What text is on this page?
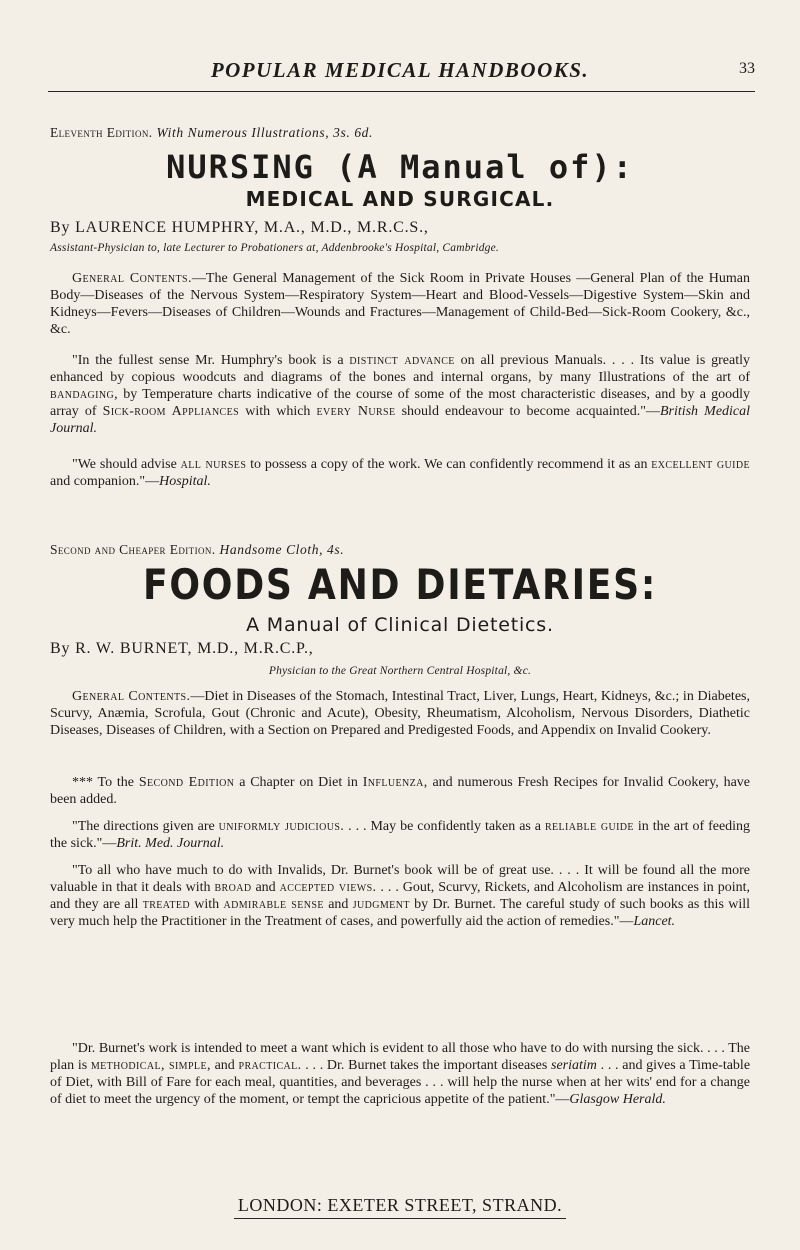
POPULAR MEDICAL HANDBOOKS.	33
Eleventh Edition. With Numerous Illustrations, 3s. 6d.
NURSING (A Manual of):
MEDICAL AND SURGICAL.
By LAURENCE HUMPHRY, M.A., M.D., M.R.C.S.,
Assistant-Physician to, late Lecturer to Probationers at, Addenbrooke's Hospital, Cambridge.
General Contents.—The General Management of the Sick Room in Private Houses —General Plan of the Human Body—Diseases of the Nervous System—Respiratory System—Heart and Blood-Vessels—Digestive System—Skin and Kidneys—Fevers—Diseases of Children—Wounds and Fractures—Management of Child-Bed—Sick-Room Cookery, &c., &c.
"In the fullest sense Mr. Humphry's book is a distinct advance on all previous Manuals. . . . Its value is greatly enhanced by copious woodcuts and diagrams of the bones and internal organs, by many Illustrations of the art of bandaging, by Temperature charts indicative of the course of some of the most characteristic diseases, and by a goodly array of Sick-room Appliances with which every Nurse should endeavour to become acquainted."—British Medical Journal.
"We should advise all nurses to possess a copy of the work. We can confidently recommend it as an excellent guide and companion."—Hospital.
Second and Cheaper Edition. Handsome Cloth, 4s.
FOODS AND DIETARIES:
A Manual of Clinical Dietetics.
By R. W. BURNET, M.D., M.R.C.P.,
Physician to the Great Northern Central Hospital, &c.
General Contents.—Diet in Diseases of the Stomach, Intestinal Tract, Liver, Lungs, Heart, Kidneys, &c.; in Diabetes, Scurvy, Anæmia, Scrofula, Gout (Chronic and Acute), Obesity, Rheumatism, Alcoholism, Nervous Disorders, Diathetic Diseases, Diseases of Children, with a Section on Prepared and Predigested Foods, and Appendix on Invalid Cookery.
*** To the Second Edition a Chapter on Diet in Influenza, and numerous Fresh Recipes for Invalid Cookery, have been added.
"The directions given are uniformly judicious. . . . May be confidently taken as a reliable guide in the art of feeding the sick."—Brit. Med. Journal.
"To all who have much to do with Invalids, Dr. Burnet's book will be of great use. . . . It will be found all the more valuable in that it deals with broad and accepted views. . . . Gout, Scurvy, Rickets, and Alcoholism are instances in point, and they are all treated with admirable sense and judgment by Dr. Burnet. The careful study of such books as this will very much help the Practitioner in the Treatment of cases, and powerfully aid the action of remedies."—Lancet.
"Dr. Burnet's work is intended to meet a want which is evident to all those who have to do with nursing the sick. . . . The plan is methodical, simple, and practical. . . . Dr. Burnet takes the important diseases seriatim . . . and gives a Time-table of Diet, with Bill of Fare for each meal, quantities, and beverages . . . will help the nurse when at her wits' end for a change of diet to meet the urgency of the moment, or tempt the capricious appetite of the patient."—Glasgow Herald.
LONDON: EXETER STREET, STRAND.
